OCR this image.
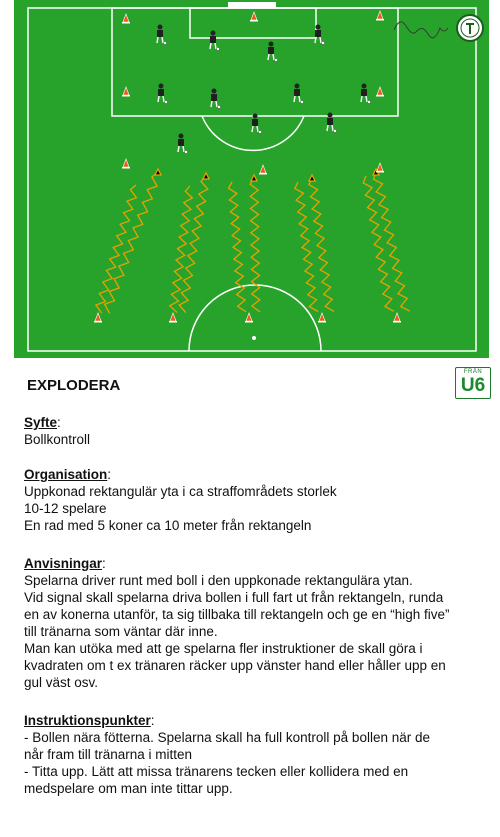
EXPLODERA
FRÅN
U6
Syfte:
Bollkontroll
Organisation:
Uppkonad rektangulär yta i ca straffområdets storlek
10-12 spelare
En rad med 5 koner ca 10 meter från rektangeln
Anvisningar:
Spelarna driver runt med boll i den uppkonade rektangulära ytan.
Vid signal skall spelarna driva bollen i full fart ut från rektangeln, runda
en av konerna utanför, ta sig tillbaka till rektangeln och ge en “high five”
till tränarna som väntar där inne.
Man kan utöka med att ge spelarna fler instruktioner de skall göra i
kvadraten om t ex tränaren räcker upp vänster hand eller håller upp en
gul väst osv.
Instruktionspunkter:
- Bollen nära fötterna. Spelarna skall ha full kontroll på bollen när de
når fram till tränarna i mitten
- Titta upp. Lätt att missa tränarens tecken eller kollidera med en
medspelare om man inte tittar upp.
